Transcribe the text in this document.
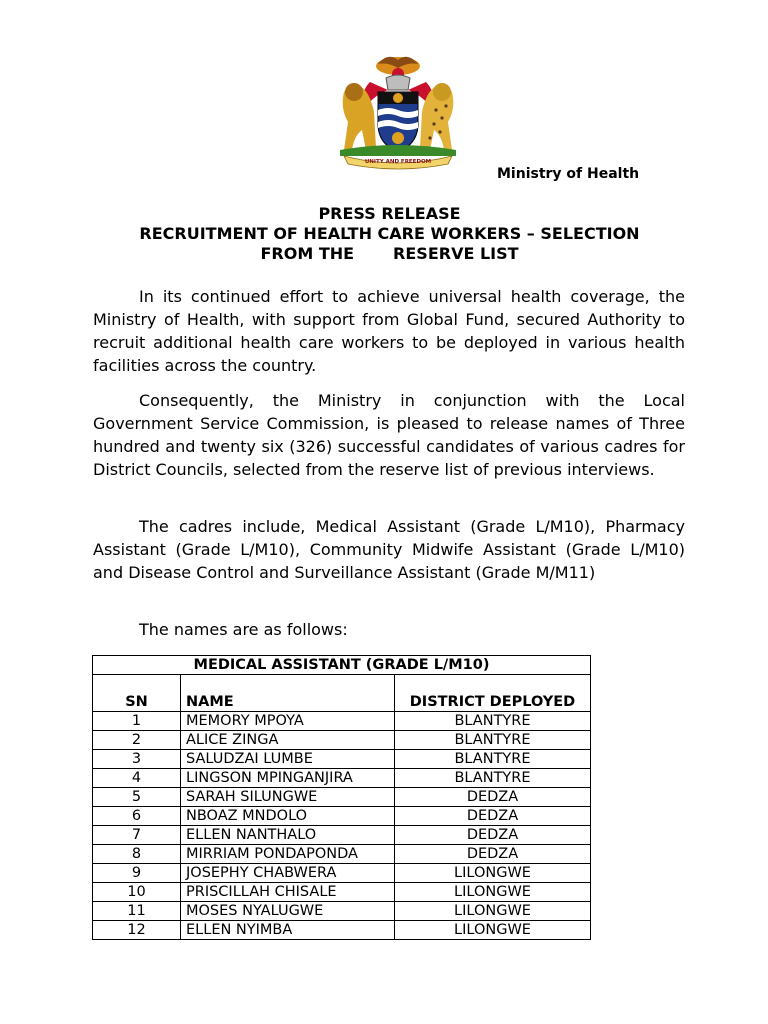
UNITY AND FREEDOM
Ministry of Health
PRESS RELEASE
RECRUITMENT OF HEALTH CARE WORKERS – SELECTION
FROM THE       RESERVE LIST

In its continued effort to achieve universal health coverage, the Ministry of Health, with support from Global Fund, secured Authority to recruit additional health care workers to be deployed in various health facilities across the country.

Consequently, the Ministry in conjunction with the Local Government Service Commission, is pleased to release names of Three hundred and twenty six (326) successful candidates of various cadres for District Councils, selected from the reserve list of previous interviews.

The cadres include, Medical Assistant (Grade L/M10), Pharmacy Assistant (Grade L/M10), Community Midwife Assistant (Grade L/M10) and Disease Control and Surveillance Assistant (Grade M/M11)

The names are as follows:

MEDICAL ASSISTANT (GRADE L/M10)		
SN	NAME	DISTRICT DEPLOYED
1	MEMORY MPOYA	BLANTYRE
2	ALICE ZINGA	BLANTYRE
3	SALUDZAI LUMBE	BLANTYRE
4	LINGSON MPINGANJIRA	BLANTYRE
5	SARAH SILUNGWE	DEDZA
6	NBOAZ MNDOLO	DEDZA
7	ELLEN NANTHALO	DEDZA
8	MIRRIAM PONDAPONDA	DEDZA
9	JOSEPHY CHABWERA	LILONGWE
10	PRISCILLAH CHISALE	LILONGWE
11	MOSES NYALUGWE	LILONGWE
12	ELLEN NYIMBA	LILONGWE
